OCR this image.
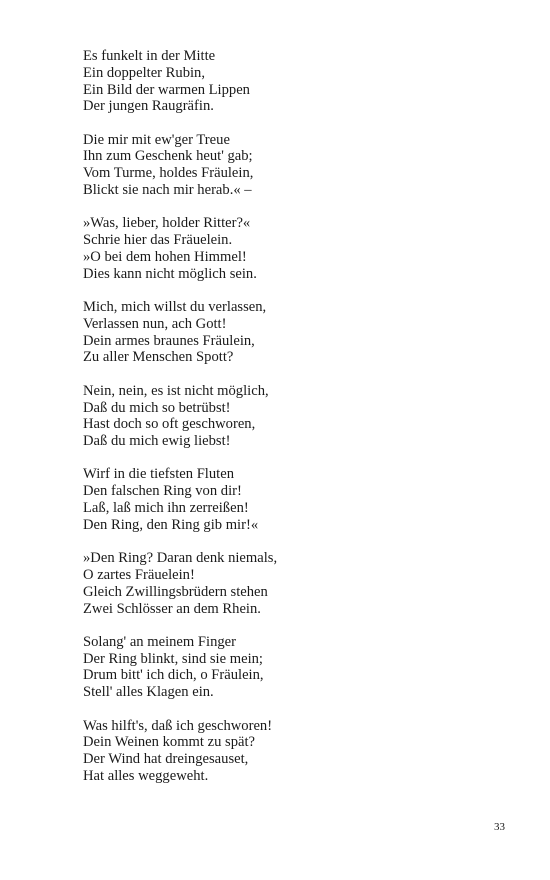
Es funkelt in der Mitte
Ein doppelter Rubin,
Ein Bild der warmen Lippen
Der jungen Raugräfin.
Die mir mit ew'ger Treue
Ihn zum Geschenk heut' gab;
Vom Turme, holdes Fräulein,
Blickt sie nach mir herab.« –
»Was, lieber, holder Ritter?«
Schrie hier das Fräuelein.
»O bei dem hohen Himmel!
Dies kann nicht möglich sein.
Mich, mich willst du verlassen,
Verlassen nun, ach Gott!
Dein armes braunes Fräulein,
Zu aller Menschen Spott?
Nein, nein, es ist nicht möglich,
Daß du mich so betrübst!
Hast doch so oft geschworen,
Daß du mich ewig liebst!
Wirf in die tiefsten Fluten
Den falschen Ring von dir!
Laß, laß mich ihn zerreißen!
Den Ring, den Ring gib mir!«
»Den Ring? Daran denk niemals,
O zartes Fräuelein!
Gleich Zwillingsbrüdern stehen
Zwei Schlösser an dem Rhein.
Solang' an meinem Finger
Der Ring blinkt, sind sie mein;
Drum bitt' ich dich, o Fräulein,
Stell' alles Klagen ein.
Was hilft's, daß ich geschworen!
Dein Weinen kommt zu spät?
Der Wind hat dreingesauset,
Hat alles weggeweht.
33
